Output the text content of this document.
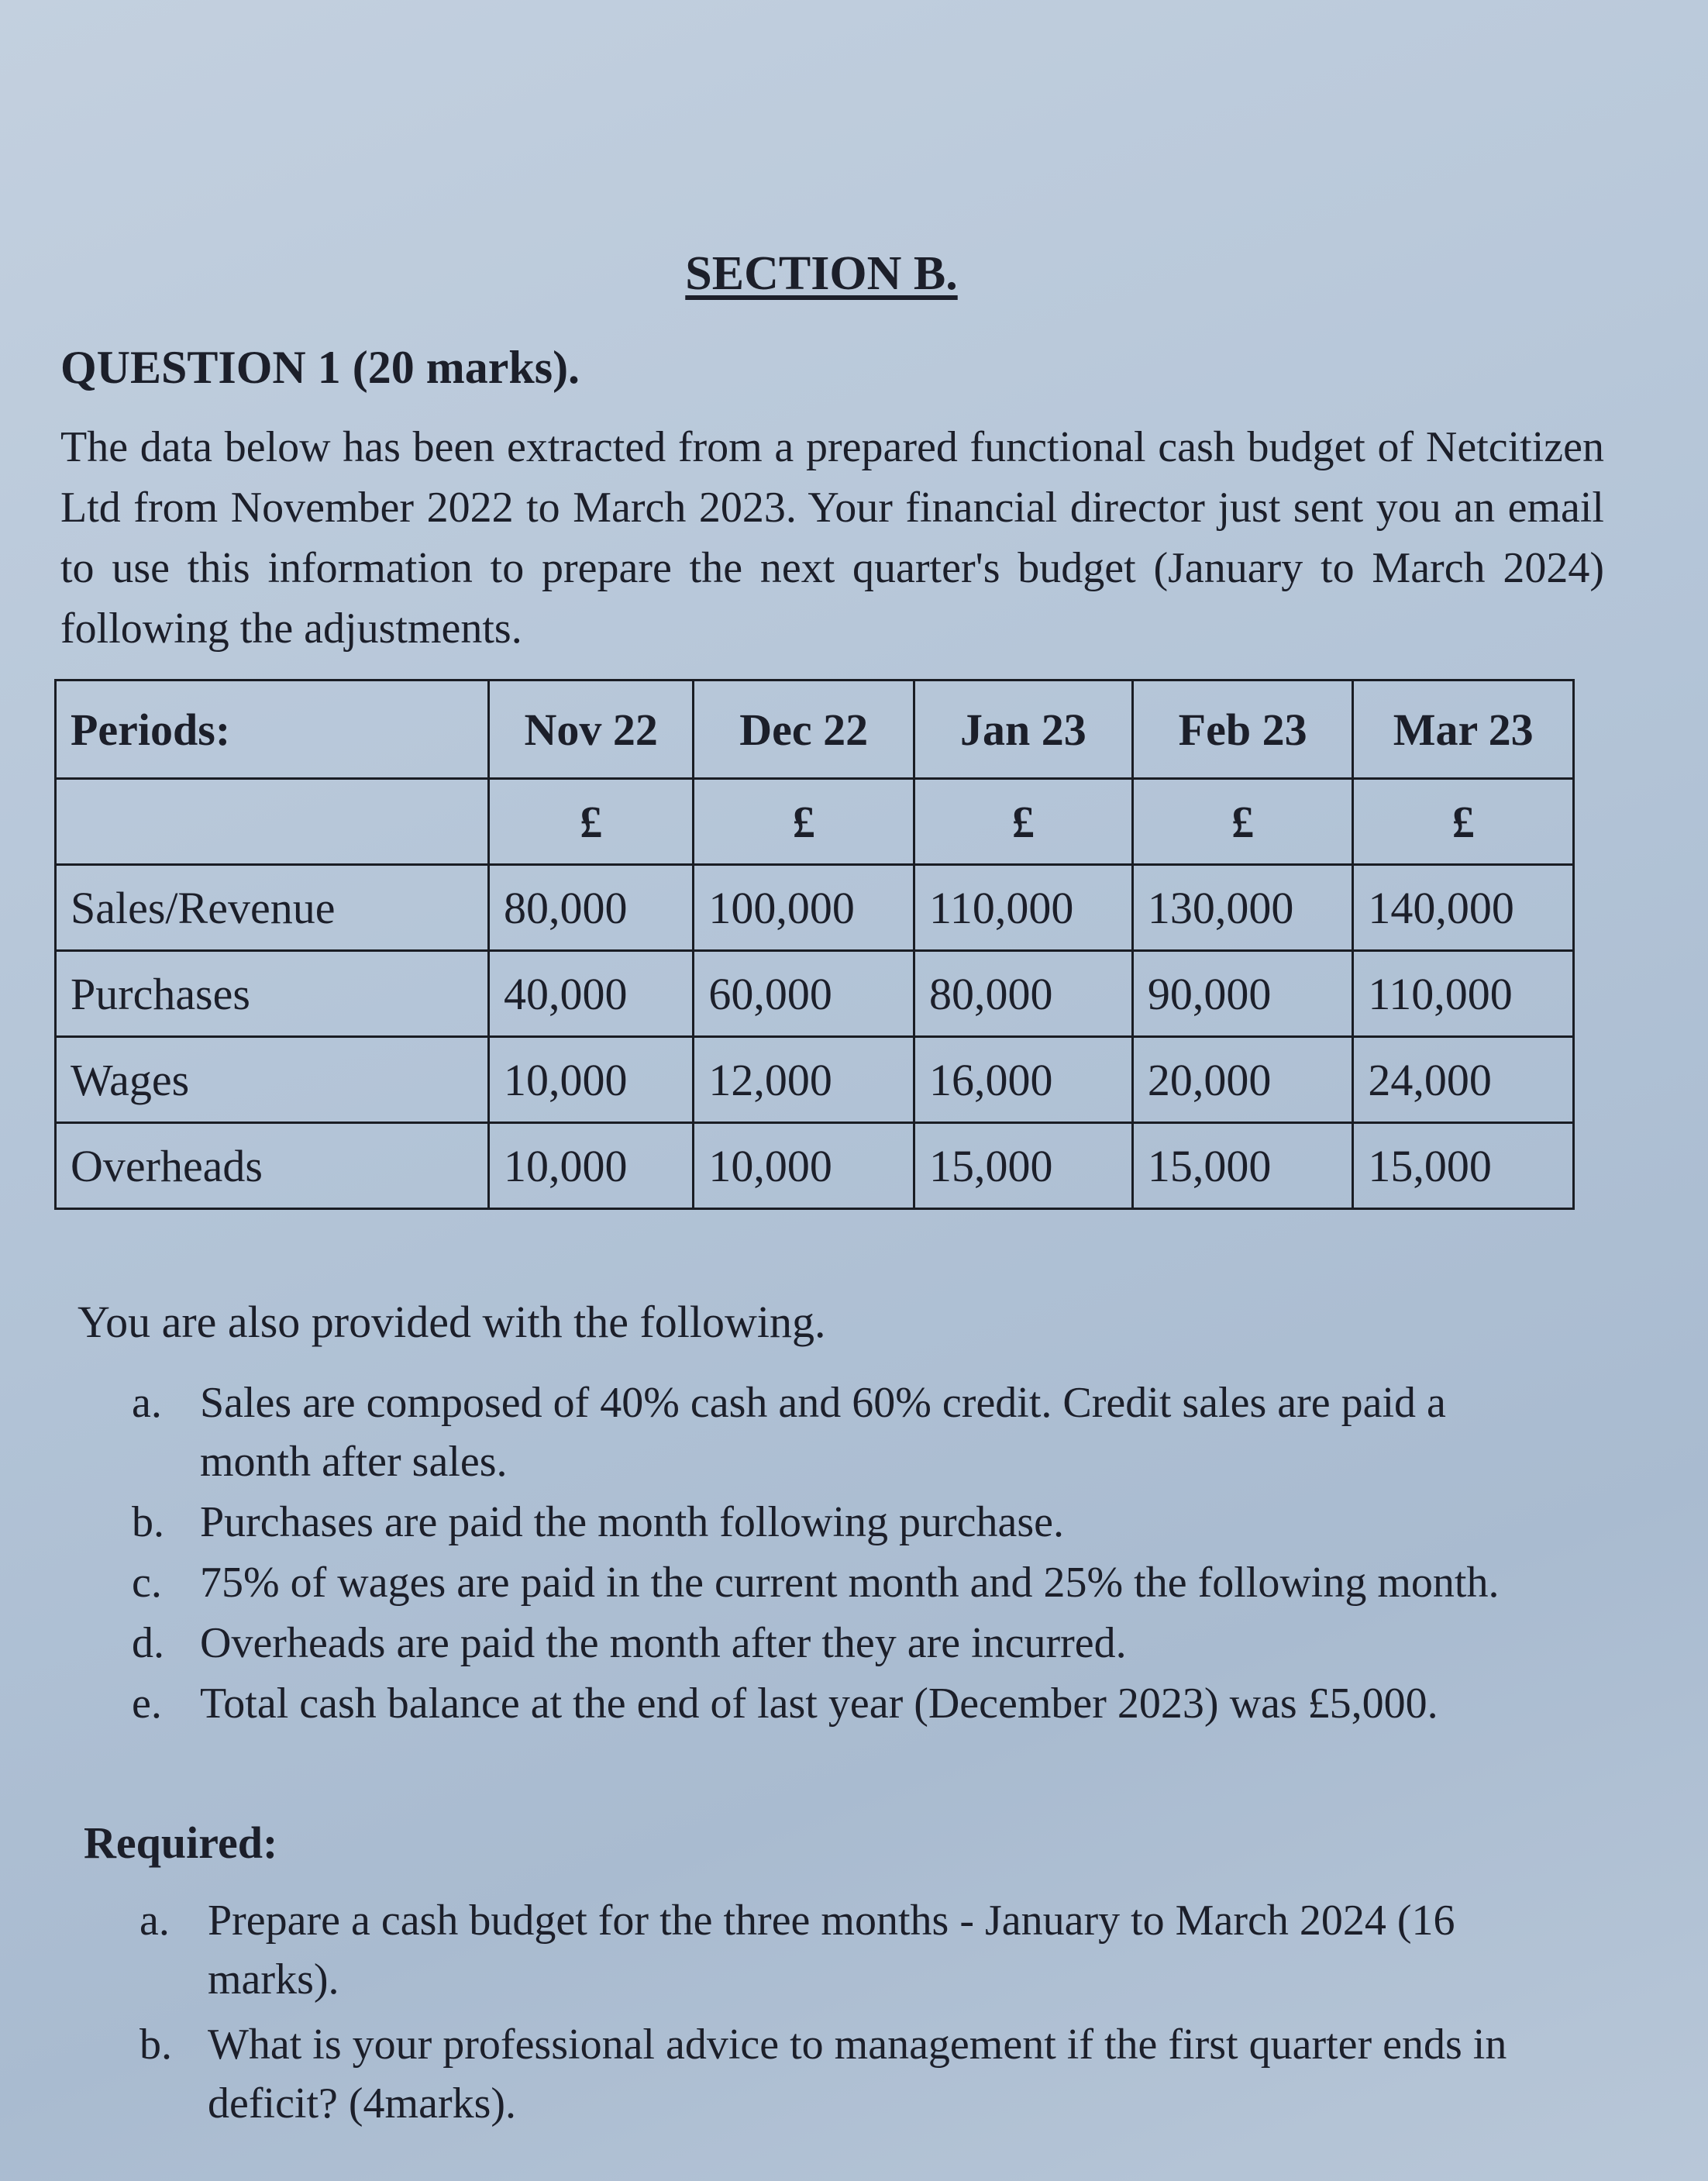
SECTION B.
QUESTION 1 (20 marks).
The data below has been extracted from a prepared functional cash budget of Netcitizen Ltd from November 2022 to March 2023. Your financial director just sent you an email to use this information to prepare the next quarter's budget (January to March 2024) following the adjustments.
Periods:	Nov 22	Dec 22	Jan 23	Feb 23	Mar 23
	£	£	£	£	£
Sales/Revenue	80,000	100,000	110,000	130,000	140,000
Purchases	40,000	60,000	80,000	90,000	110,000
Wages	10,000	12,000	16,000	20,000	24,000
Overheads	10,000	10,000	15,000	15,000	15,000
You are also provided with the following.
a. Sales are composed of 40% cash and 60% credit. Credit sales are paid a month after sales.
b. Purchases are paid the month following purchase.
c. 75% of wages are paid in the current month and 25% the following month.
d. Overheads are paid the month after they are incurred.
e. Total cash balance at the end of last year (December 2023) was £5,000.
Required:
a. Prepare a cash budget for the three months - January to March 2024 (16 marks).
b. What is your professional advice to management if the first quarter ends in deficit? (4marks).
